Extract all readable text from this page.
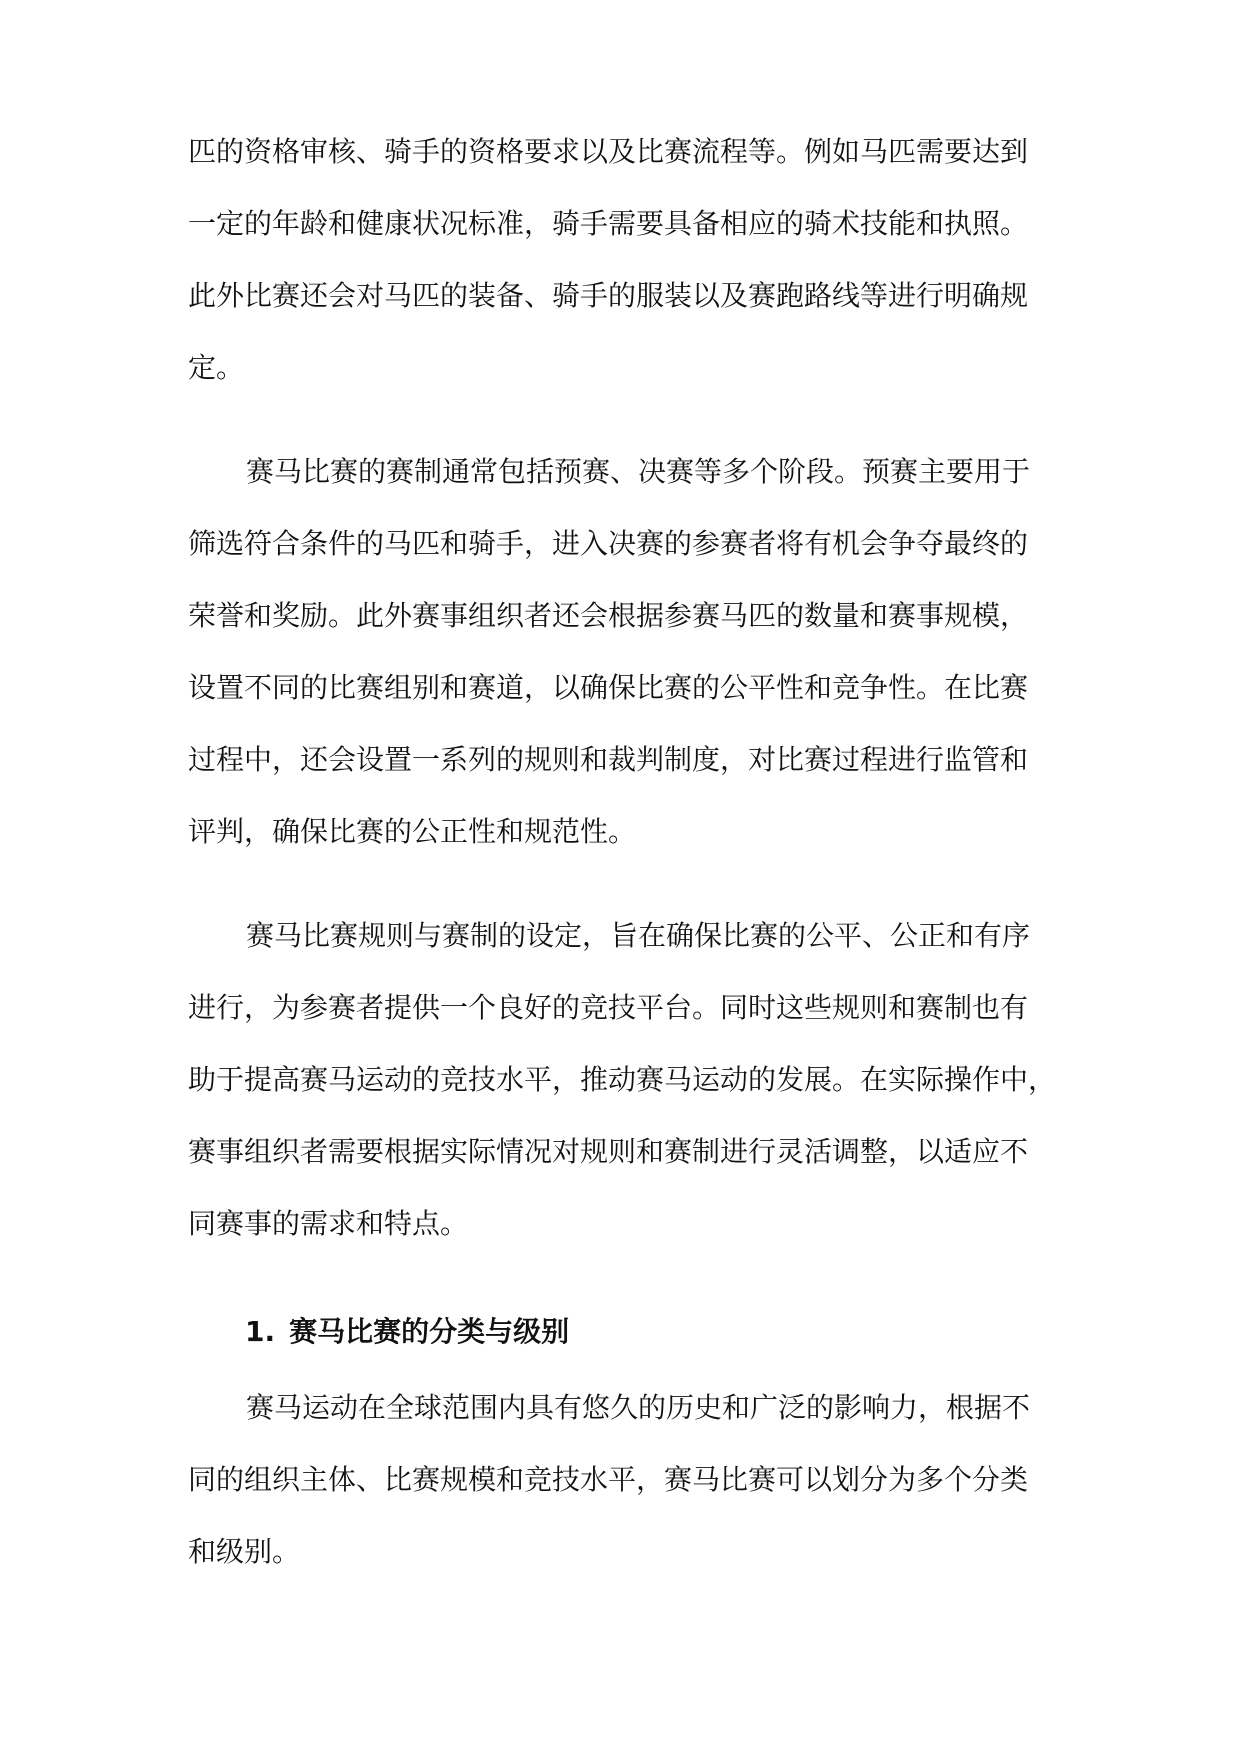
匹的资格审核、骑手的资格要求以及比赛流程等。例如马匹需要达到
一定的年龄和健康状况标准，骑手需要具备相应的骑术技能和执照。
此外比赛还会对马匹的装备、骑手的服装以及赛跑路线等进行明确规
定。
赛马比赛的赛制通常包括预赛、决赛等多个阶段。预赛主要用于
筛选符合条件的马匹和骑手，进入决赛的参赛者将有机会争夺最终的
荣誉和奖励。此外赛事组织者还会根据参赛马匹的数量和赛事规模，
设置不同的比赛组别和赛道，以确保比赛的公平性和竞争性。在比赛
过程中，还会设置一系列的规则和裁判制度，对比赛过程进行监管和
评判，确保比赛的公正性和规范性。
赛马比赛规则与赛制的设定，旨在确保比赛的公平、公正和有序
进行，为参赛者提供一个良好的竞技平台。同时这些规则和赛制也有
助于提高赛马运动的竞技水平，推动赛马运动的发展。在实际操作中，
赛事组织者需要根据实际情况对规则和赛制进行灵活调整，以适应不
同赛事的需求和特点。
1. 赛马比赛的分类与级别
赛马运动在全球范围内具有悠久的历史和广泛的影响力，根据不
同的组织主体、比赛规模和竞技水平，赛马比赛可以划分为多个分类
和级别。
